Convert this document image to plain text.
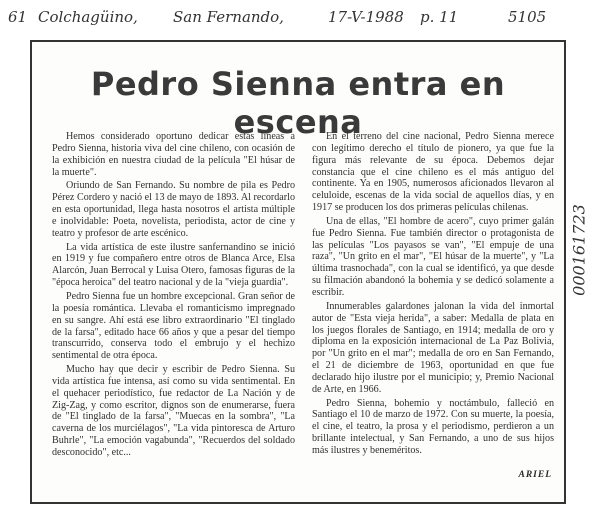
61 Colchagüino, San Fernando,	17-V-1988 p. 11	5105
Pedro Sienna entra en escena

Hemos considerado oportuno dedicar estas líneas a Pedro Sienna, historia viva del cine chileno, con ocasión de la exhibición en nuestra ciudad de la película "El húsar de la muerte".

Oriundo de San Fernando. Su nombre de pila es Pedro Pérez Cordero y nació el 13 de mayo de 1893. Al recordarlo en esta oportunidad, llega hasta nosotros el artista múltiple e inolvidable: Poeta, novelista, periodista, actor de cine y teatro y profesor de arte escénico.

La vida artística de este ilustre sanfernandino se inició en 1919 y fue compañero entre otros de Blanca Arce, Elsa Alarcón, Juan Berrocal y Luisa Otero, famosas figuras de la "época heroica" del teatro nacional y de la "vieja guardia".

Pedro Sienna fue un hombre excepcional. Gran señor de la poesía romántica. Llevaba el romanticismo impregnado en su sangre. Ahí está ese libro extraordinario "El tinglado de la farsa", editado hace 66 años y que a pesar del tiempo transcurrido, conserva todo el embrujo y el hechizo sentimental de otra época.

Mucho hay que decir y escribir de Pedro Sienna. Su vida artística fue intensa, así como su vida sentimental. En el quehacer periodístico, fue redactor de La Nación y de Zig-Zag, y como escritor, dignos son de enumerarse, fuera de "El tinglado de la farsa", "Muecas en la sombra", "La caverna de los murciélagos", "La vida pintoresca de Arturo Buhrle", "La emoción vagabunda", "Recuerdos del soldado desconocido", etc...

En el terreno del cine nacional, Pedro Sienna merece con legítimo derecho el título de pionero, ya que fue la figura más relevante de su época. Debemos dejar constancia que el cine chileno es el más antiguo del continente. Ya en 1905, numerosos aficionados llevaron al celuloide, escenas de la vida social de aquellos días, y en 1917 se producen los dos primeras películas chilenas.

Una de ellas, "El hombre de acero", cuyo primer galán fue Pedro Sienna. Fue también director o protagonista de las películas "Los payasos se van", "El empuje de una raza", "Un grito en el mar", "El húsar de la muerte", y "La última trasnochada", con la cual se identificó, ya que desde su filmación abandonó la bohemia y se dedicó solamente a escribir.

Innumerables galardones jalonan la vida del inmortal autor de "Esta vieja herida", a saber: Medalla de plata en los juegos florales de Santiago, en 1914; medalla de oro y diploma en la exposición internacional de La Paz Bolivia, por "Un grito en el mar"; medalla de oro en San Fernando, el 21 de diciembre de 1963, oportunidad en que fue declarado hijo ilustre por el municipio; y, Premio Nacional de Arte, en 1966.

Pedro Sienna, bohemio y noctámbulo, falleció en Santiago el 10 de marzo de 1972. Con su muerte, la poesía, el cine, el teatro, la prosa y el periodismo, perdieron a un brillante intelectual, y San Fernando, a uno de sus hijos más ilustres y beneméritos.

ARIEL
000161723
